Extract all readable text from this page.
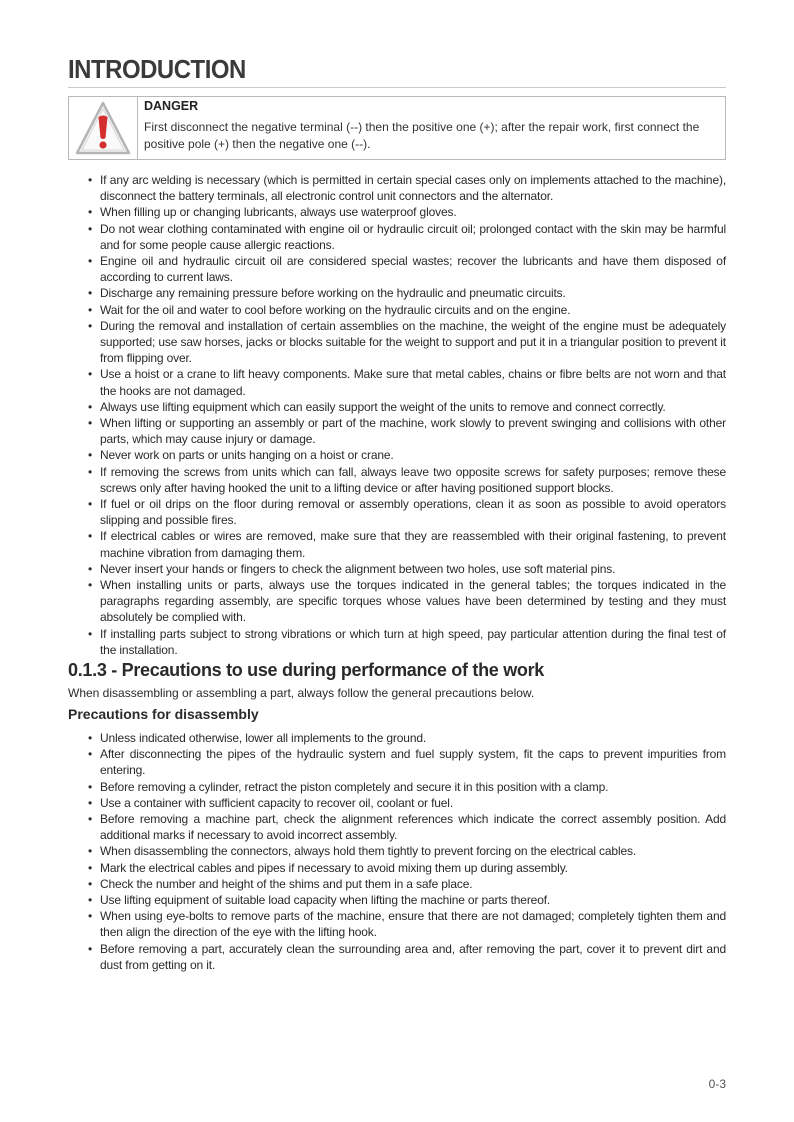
INTRODUCTION

DANGER

First disconnect the negative terminal (--) then the positive one (+); after the repair work, first connect the positive pole (+) then the negative one (--).

• If any arc welding is necessary (which is permitted in certain special cases only on implements attached to the machine), disconnect the battery terminals, all electronic control unit connectors and the alternator.
• When filling up or changing lubricants, always use waterproof gloves.
• Do not wear clothing contaminated with engine oil or hydraulic circuit oil; prolonged contact with the skin may be harmful and for some people cause allergic reactions.
• Engine oil and hydraulic circuit oil are considered special wastes; recover the lubricants and have them disposed of according to current laws.
• Discharge any remaining pressure before working on the hydraulic and pneumatic circuits.
• Wait for the oil and water to cool before working on the hydraulic circuits and on the engine.
• During the removal and installation of certain assemblies on the machine, the weight of the engine must be adequately supported; use saw horses, jacks or blocks suitable for the weight to support and put it in a triangular position to prevent it from flipping over.
• Use a hoist or a crane to lift heavy components. Make sure that metal cables, chains or fibre belts are not worn and that the hooks are not damaged.
• Always use lifting equipment which can easily support the weight of the units to remove and connect correctly.
• When lifting or supporting an assembly or part of the machine, work slowly to prevent swinging and collisions with other parts, which may cause injury or damage.
• Never work on parts or units hanging on a hoist or crane.
• If removing the screws from units which can fall, always leave two opposite screws for safety purposes; remove these screws only after having hooked the unit to a lifting device or after having positioned support blocks.
• If fuel or oil drips on the floor during removal or assembly operations, clean it as soon as possible to avoid operators slipping and possible fires.
• If electrical cables or wires are removed, make sure that they are reassembled with their original fastening, to prevent machine vibration from damaging them.
• Never insert your hands or fingers to check the alignment between two holes, use soft material pins.
• When installing units or parts, always use the torques indicated in the general tables; the torques indicated in the paragraphs regarding assembly, are specific torques whose values have been determined by testing and they must absolutely be complied with.
• If installing parts subject to strong vibrations or which turn at high speed, pay particular attention during the final test of the installation.
0.1.3 - Precautions to use during performance of the work

When disassembling or assembling a part, always follow the general precautions below.

Precautions for disassembly
• Unless indicated otherwise, lower all implements to the ground.
• After disconnecting the pipes of the hydraulic system and fuel supply system, fit the caps to prevent impurities from entering.
• Before removing a cylinder, retract the piston completely and secure it in this position with a clamp.
• Use a container with sufficient capacity to recover oil, coolant or fuel.
• Before removing a machine part, check the alignment references which indicate the correct assembly position. Add additional marks if necessary to avoid incorrect assembly.
• When disassembling the connectors, always hold them tightly to prevent forcing on the electrical cables.
• Mark the electrical cables and pipes if necessary to avoid mixing them up during assembly.
• Check the number and height of the shims and put them in a safe place.
• Use lifting equipment of suitable load capacity when lifting the machine or parts thereof.
• When using eye-bolts to remove parts of the machine, ensure that there are not damaged; completely tighten them and then align the direction of the eye with the lifting hook.
• Before removing a part, accurately clean the surrounding area and, after removing the part, cover it to prevent dirt and dust from getting on it.
0-3
